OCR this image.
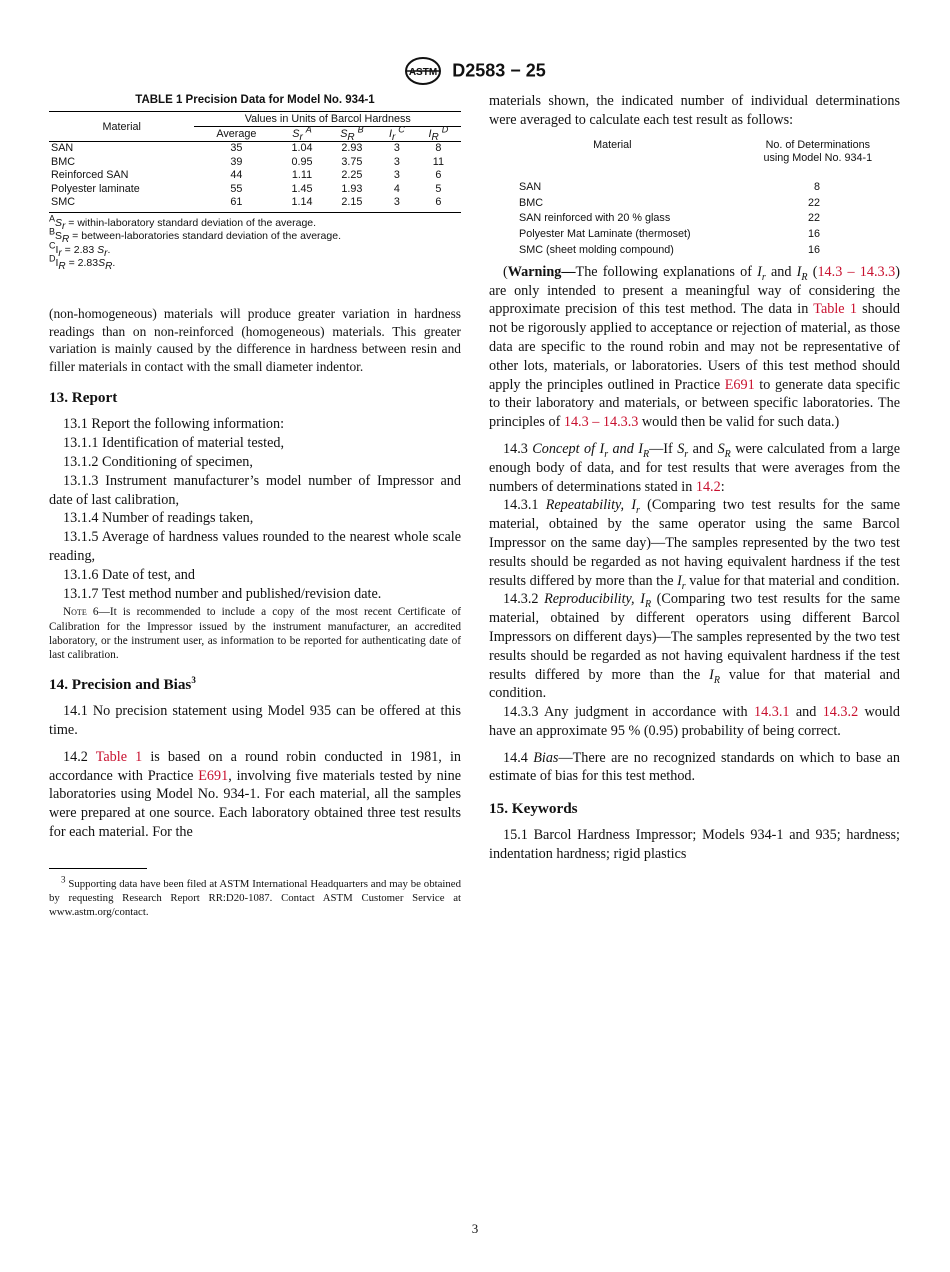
ASTM D2583 − 25
TABLE 1 Precision Data for Model No. 934-1
Material	Values in Units of Barcol Hardness				
	Average	$S_r$ $^A$	$S_R$ $^B$	$I_r$ $^C$	$I_R$ $^D$
SAN	35	1.04	2.93	3	8
BMC	39	0.95	3.75	3	11
Reinforced SAN	44	1.11	2.25	3	6
Polyester laminate	55	1.45	1.93	4	5
SMC	61	1.14	2.15	3	6
$^AS_r$ = within-laboratory standard deviation of the average.
$^BS_R$ = between-laboratories standard deviation of the average.
$^CI_r = 2.83$ $S_r$.
$^DI_R = 2.83S_R$.

(non-homogeneous) materials will produce greater variation in hardness readings than on non-reinforced (homogeneous) materials. This greater variation is mainly caused by the difference in hardness between resin and filler materials in contact with the small diameter indentor.

13. Report

13.1 Report the following information:

13.1.1 Identification of material tested,

13.1.2 Conditioning of specimen,

13.1.3 Instrument manufacturer’s model number of Impressor and date of last calibration,

13.1.4 Number of readings taken,

13.1.5 Average of hardness values rounded to the nearest whole scale reading,

13.1.6 Date of test, and

13.1.7 Test method number and published/revision date.

Note 6—It is recommended to include a copy of the most recent Certificate of Calibration for the Impressor issued by the instrument manufacturer, an accredited laboratory, or the instrument user, as information to be reported for authenticating date of last calibration.
14. Precision and Bias$^3$

14.1 No precision statement using Model 935 can be offered at this time.

14.2 Table 1 is based on a round robin conducted in 1981, in accordance with Practice E691, involving five materials tested by nine laboratories using Model No. 934-1. For each material, all the samples were prepared at one source. Each laboratory obtained three test results for each material. For the

$^3$ Supporting data have been filed at ASTM International Headquarters and may be obtained by requesting Research Report RR:D20-1087. Contact ASTM Customer Service at www.astm.org/contact.

materials shown, the indicated number of individual determinations were averaged to calculate each test result as follows:

Material	No. of Determinations
using Model No. 934-1
SAN	8
BMC	22
SAN reinforced with 20 % glass	22
Polyester Mat Laminate (thermoset)	16
SMC (sheet molding compound)	16

(Warning—The following explanations of $I_r$ and $I_R$ (14.3 – 14.3.3) are only intended to present a meaningful way of considering the approximate precision of this test method. The data in Table 1 should not be rigorously applied to acceptance or rejection of material, as those data are specific to the round robin and may not be representative of other lots, materials, or laboratories. Users of this test method should apply the principles outlined in Practice E691 to generate data specific to their laboratory and materials, or between specific laboratories. The principles of 14.3 – 14.3.3 would then be valid for such data.)

14.3 Concept of $I_r$ and $I_R—If$ $S_r$ and $S_R$ were calculated from a large enough body of data, and for test results that were averages from the numbers of determinations stated in 14.2:

14.3.1 Repeatability, $I_r$ (Comparing two test results for the same material, obtained by the same operator using the same Barcol Impressor on the same day)—The samples represented by the two test results should be regarded as not having equivalent hardness if the test results differed by more than the $I_r$ value for that material and condition.

14.3.2 Reproducibility, $I_R$ (Comparing two test results for the same material, obtained by different operators using different Barcol Impressors on different days)—The samples represented by the two test results should be regarded as not having equivalent hardness if the test results differed by more than the $I_R$ value for that material and condition.

14.3.3 Any judgment in accordance with 14.3.1 and 14.3.2 would have an approximate 95 % (0.95) probability of being correct.

14.4 Bias—There are no recognized standards on which to base an estimate of bias for this test method.

15. Keywords

15.1 Barcol Hardness Impressor; Models 934-1 and 935; hardness; indentation hardness; rigid plastics

3
